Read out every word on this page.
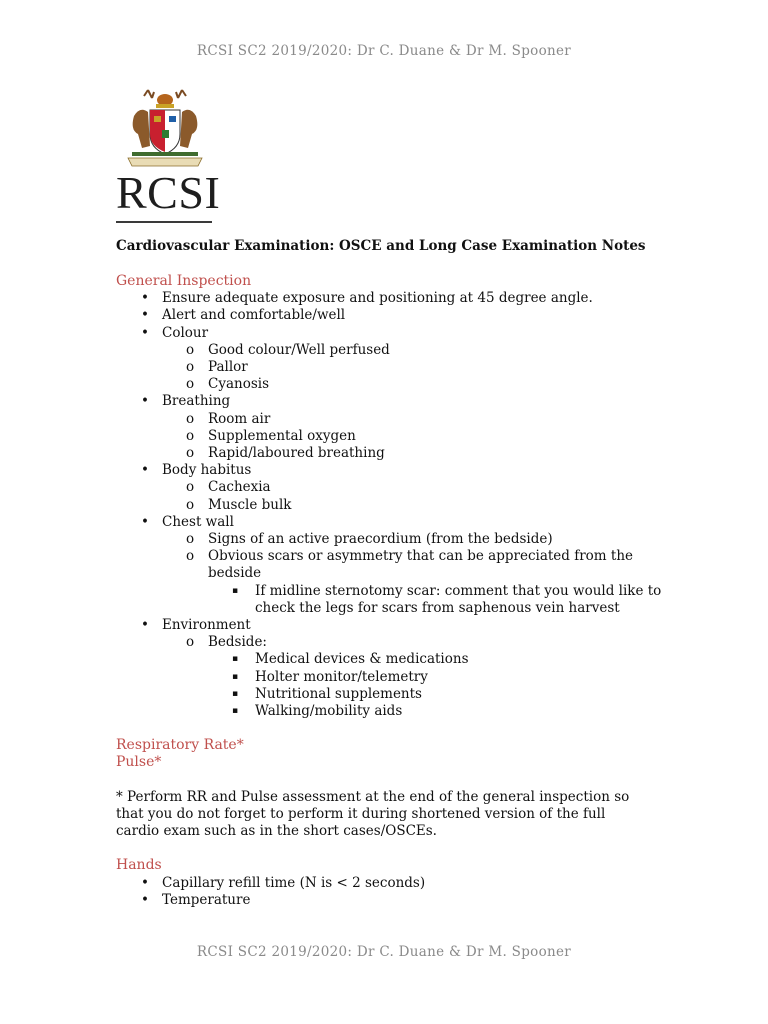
RCSI SC2 2019/2020: Dr C. Duane & Dr M. Spooner
RCSI
Cardiovascular Examination: OSCE and Long Case Examination Notes
General Inspection
• Ensure adequate exposure and positioning at 45 degree angle.
• Alert and comfortable/well
• Colour
o Good colour/Well perfused
o Pallor
o Cyanosis
• Breathing
o Room air
o Supplemental oxygen
o Rapid/laboured breathing
• Body habitus
o Cachexia
o Muscle bulk
• Chest wall
o Signs of an active praecordium (from the bedside)
o Obvious scars or asymmetry that can be appreciated from the bedside
▪ If midline sternotomy scar: comment that you would like to check the legs for scars from saphenous vein harvest
• Environment
o Bedside:
▪ Medical devices & medications
▪ Holter monitor/telemetry
▪ Nutritional supplements
▪ Walking/mobility aids
Respiratory Rate*
Pulse*
* Perform RR and Pulse assessment at the end of the general inspection so that you do not forget to perform it during shortened version of the full cardio exam such as in the short cases/OSCEs.
Hands
• Capillary refill time (N is < 2 seconds)
• Temperature
RCSI SC2 2019/2020: Dr C. Duane & Dr M. Spooner
